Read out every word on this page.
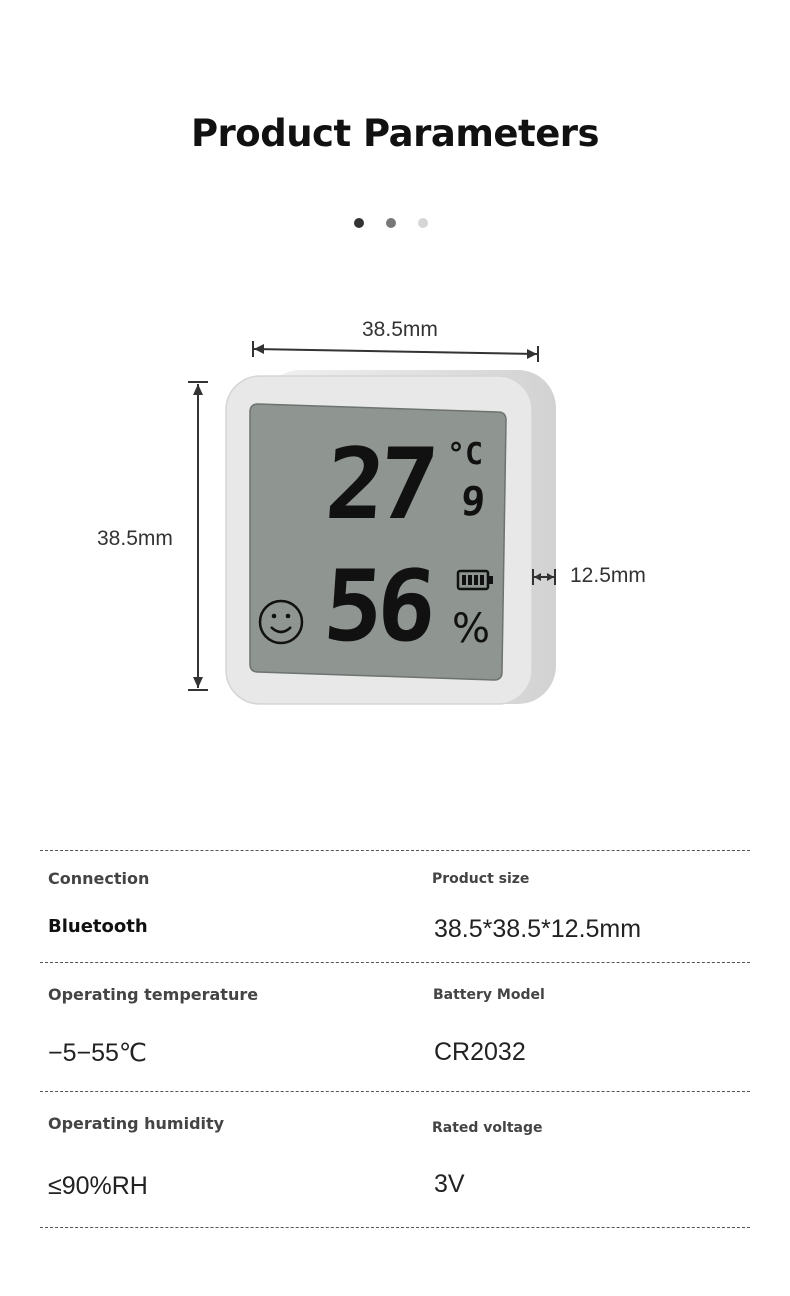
Product Parameters
38.5mm
38.5mm
12.5mm
27 °C
9
56 %
Connection
Bluetooth
Product size
38.5*38.5*12.5mm
Operating temperature
−5−55℃
Battery Model
CR2032
Operating humidity
≤90%RH
Rated voltage
3V
